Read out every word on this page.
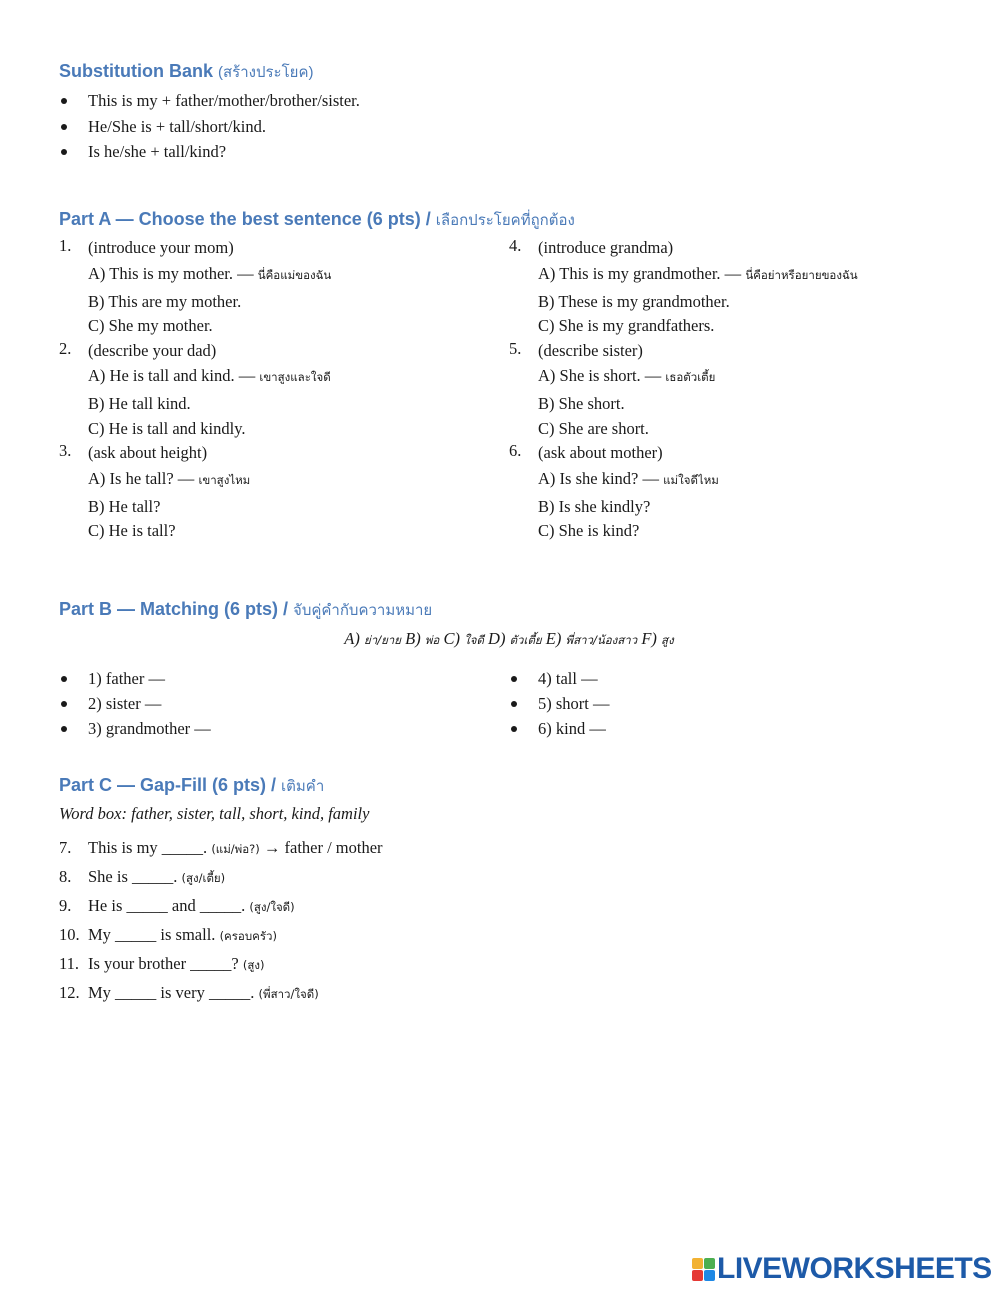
Substitution Bank (สร้างประโยค)
This is my + father/mother/brother/sister.
He/She is + tall/short/kind.
Is he/she + tall/kind?
Part A — Choose the best sentence (6 pts) / เลือกประโยคที่ถูกต้อง
1. (introduce your mom)
A) This is my mother. — นี่คือแม่ของฉัน
B) This are my mother.
C) She my mother.
2. (describe your dad)
A) He is tall and kind. — เขาสูงและใจดี
B) He tall kind.
C) He is tall and kindly.
3. (ask about height)
A) Is he tall? — เขาสูงไหม
B) He tall?
C) He is tall?
4. (introduce grandma)
A) This is my grandmother. — นี่คือย่าหรือยายของฉัน
B) These is my grandmother.
C) She is my grandfathers.
5. (describe sister)
A) She is short. — เธอตัวเตี้ย
B) She short.
C) She are short.
6. (ask about mother)
A) Is she kind? — แม่ใจดีไหม
B) Is she kindly?
C) She is kind?
Part B — Matching (6 pts) / จับคู่คำกับความหมาย
A) ย่า/ยาย B) พ่อ C) ใจดี D) ตัวเตี้ย E) พี่สาว/น้องสาว F) สูง
1) father —
2) sister —
3) grandmother —
4) tall —
5) short —
6) kind —
Part C — Gap-Fill (6 pts) / เติมคำ
Word box: father, sister, tall, short, kind, family
7. This is my _____. (แม่/พ่อ?) → father / mother
8. She is _____. (สูง/เตี้ย)
9. He is _____ and _____. (สูง/ใจดี)
10. My _____ is small. (ครอบครัว)
11. Is your brother _____? (สูง)
12. My _____ is very _____. (พี่สาว/ใจดี)
LIVEWORKSHEETS
